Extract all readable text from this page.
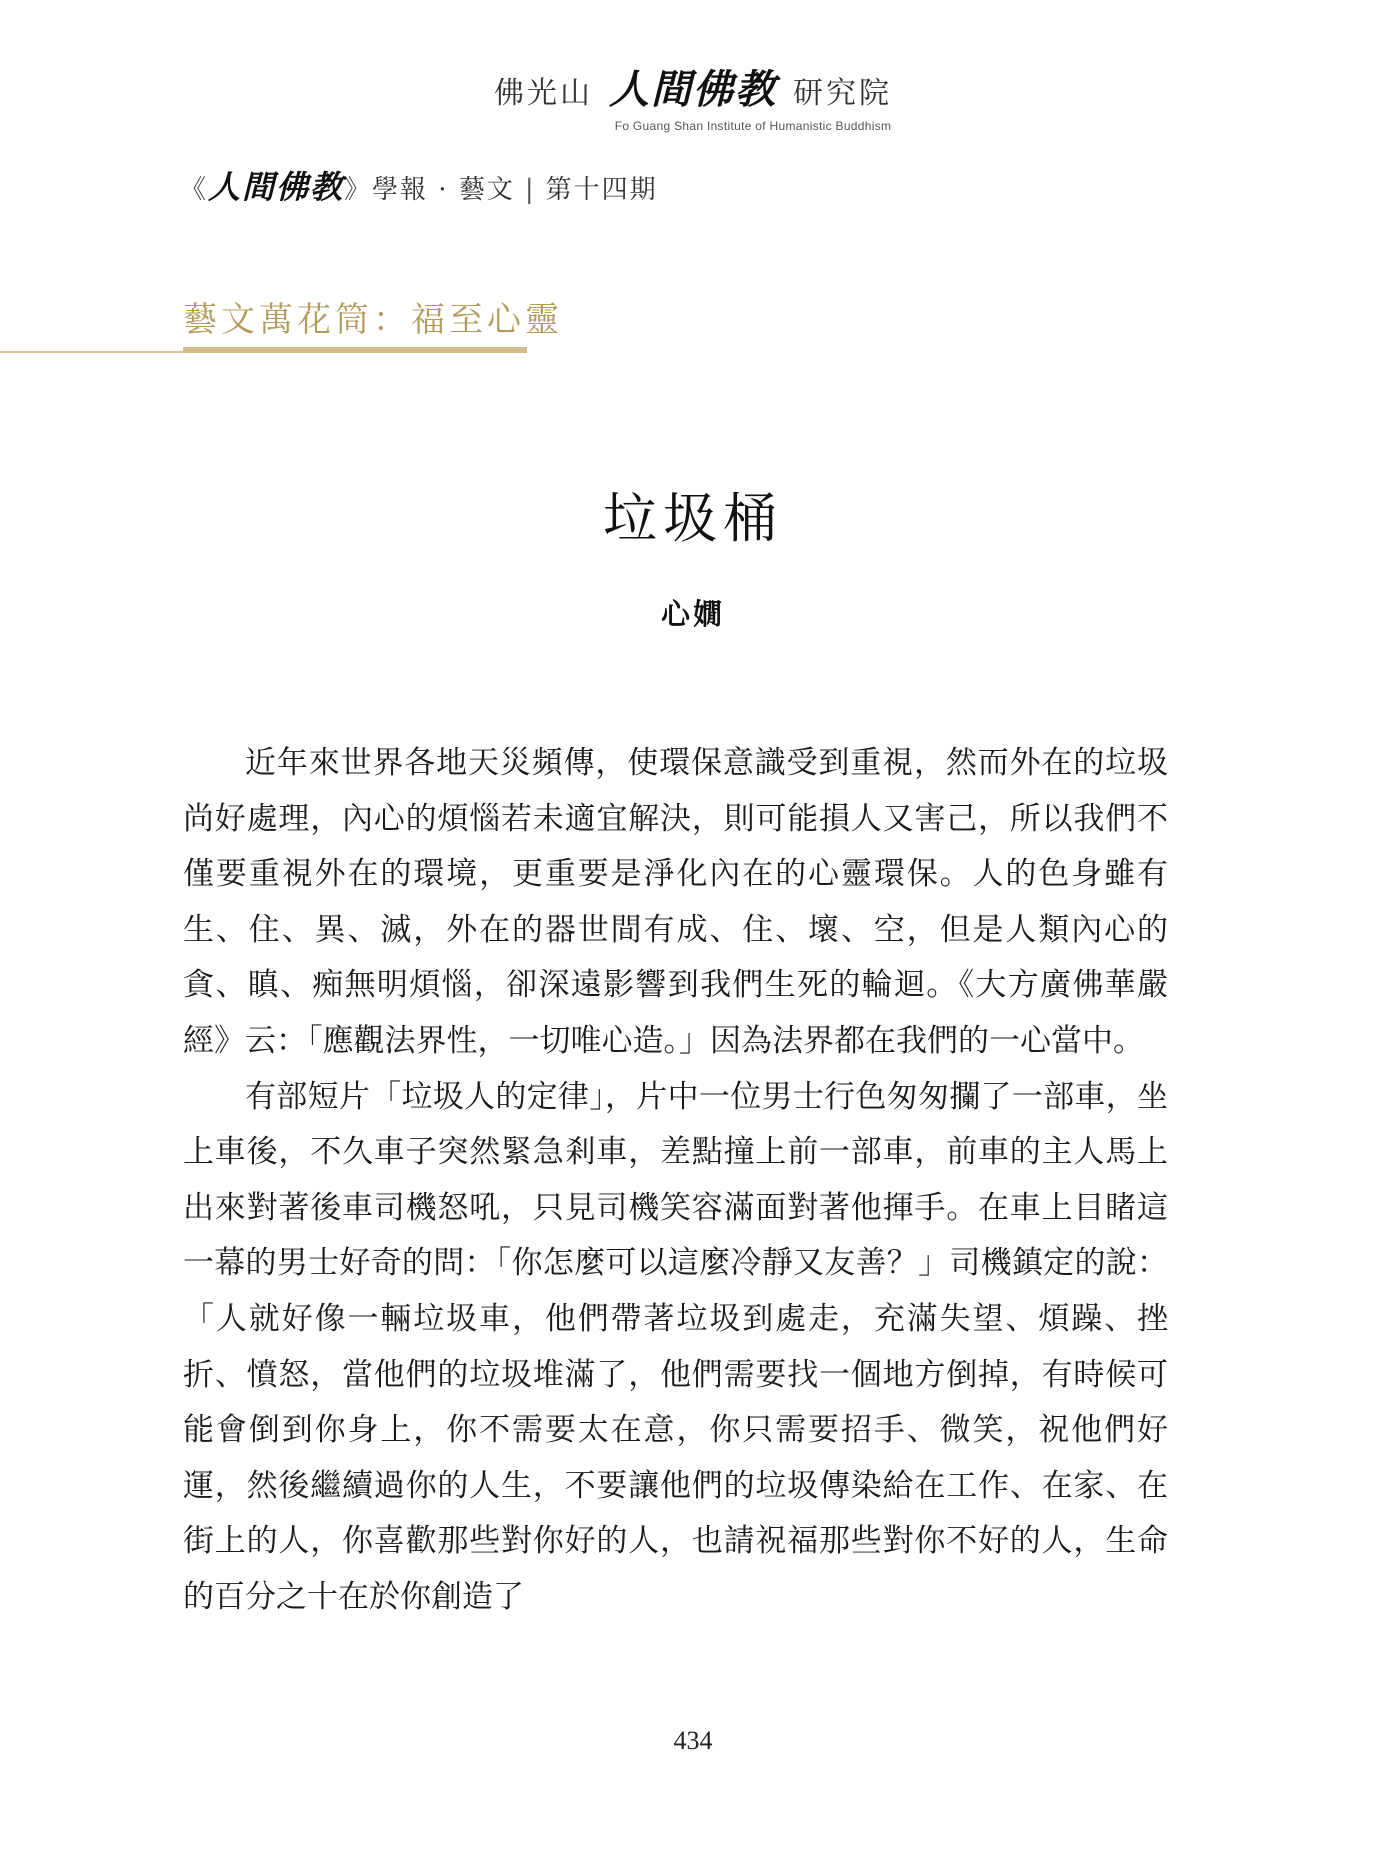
佛光山 人間佛教 研究院
Fo Guang Shan Institute of Humanistic Buddhism
《 人間佛教 》 學報 · 藝文 | 第十四期
藝文萬花筒：福至心靈
垃圾桶
心嫺

近年來世界各地天災頻傳，使環保意識受到重視，然而外在的垃圾尚好處理，內心的煩惱若未適宜解決，則可能損人又害己，所以我們不僅要重視外在的環境，更重要是淨化內在的心靈環保。人的色身雖有生、住、異、滅，外在的器世間有成、住、壞、空，但是人類內心的貪、瞋、痴無明煩惱，卻深遠影響到我們生死的輪迴。《大方廣佛華嚴經》云：「應觀法界性，一切唯心造。」因為法界都在我們的一心當中。

有部短片「垃圾人的定律」，片中一位男士行色匆匆攔了一部車，坐上車後，不久車子突然緊急剎車，差點撞上前一部車，前車的主人馬上出來對著後車司機怒吼，只見司機笑容滿面對著他揮手。在車上目睹這一幕的男士好奇的問：「你怎麼可以這麼冷靜又友善？」司機鎮定的說：「人就好像一輛垃圾車，他們帶著垃圾到處走，充滿失望、煩躁、挫折、憤怒，當他們的垃圾堆滿了，他們需要找一個地方倒掉，有時候可能會倒到你身上，你不需要太在意，你只需要招手、微笑，祝他們好運，然後繼續過你的人生，不要讓他們的垃圾傳染給在工作、在家、在街上的人，你喜歡那些對你好的人，也請祝福那些對你不好的人，生命的百分之十在於你創造了

434
